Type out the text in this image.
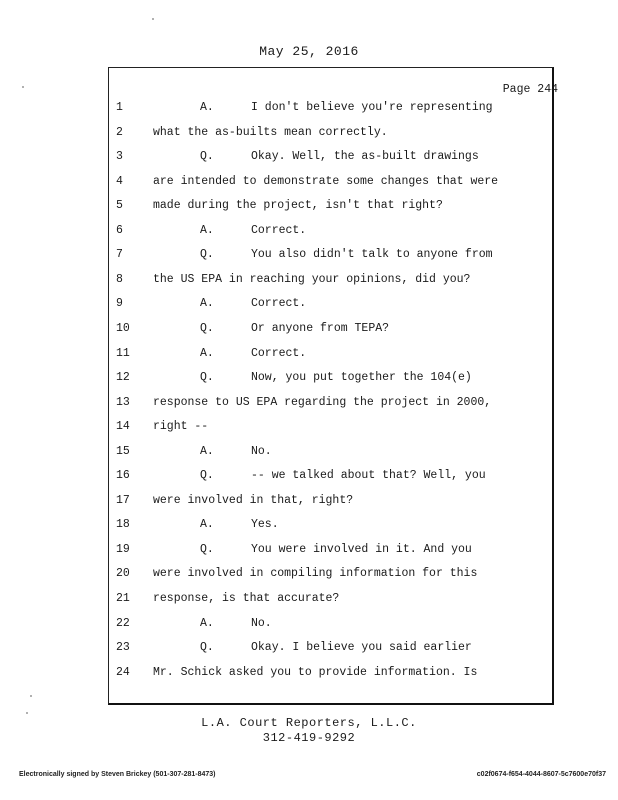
May 25, 2016
Page 244
1	A.	I don't believe you're representing
2	what the as-builts mean correctly.
3	Q.	Okay. Well, the as-built drawings
4	are intended to demonstrate some changes that were
5	made during the project, isn't that right?
6	A.	Correct.
7	Q.	You also didn't talk to anyone from
8	the US EPA in reaching your opinions, did you?
9	A.	Correct.
10	Q.	Or anyone from TEPA?
11	A.	Correct.
12	Q.	Now, you put together the 104(e)
13	response to US EPA regarding the project in 2000,
14	right --
15	A.	No.
16	Q.	-- we talked about that? Well, you
17	were involved in that, right?
18	A.	Yes.
19	Q.	You were involved in it. And you
20	were involved in compiling information for this
21	response, is that accurate?
22	A.	No.
23	Q.	Okay. I believe you said earlier
24	Mr. Schick asked you to provide information. Is
L.A. Court Reporters, L.L.C.
312-419-9292
Electronically signed by Steven Brickey (501-307-281-8473)	c02f0674-f654-4044-8607-5c7600e70f37
